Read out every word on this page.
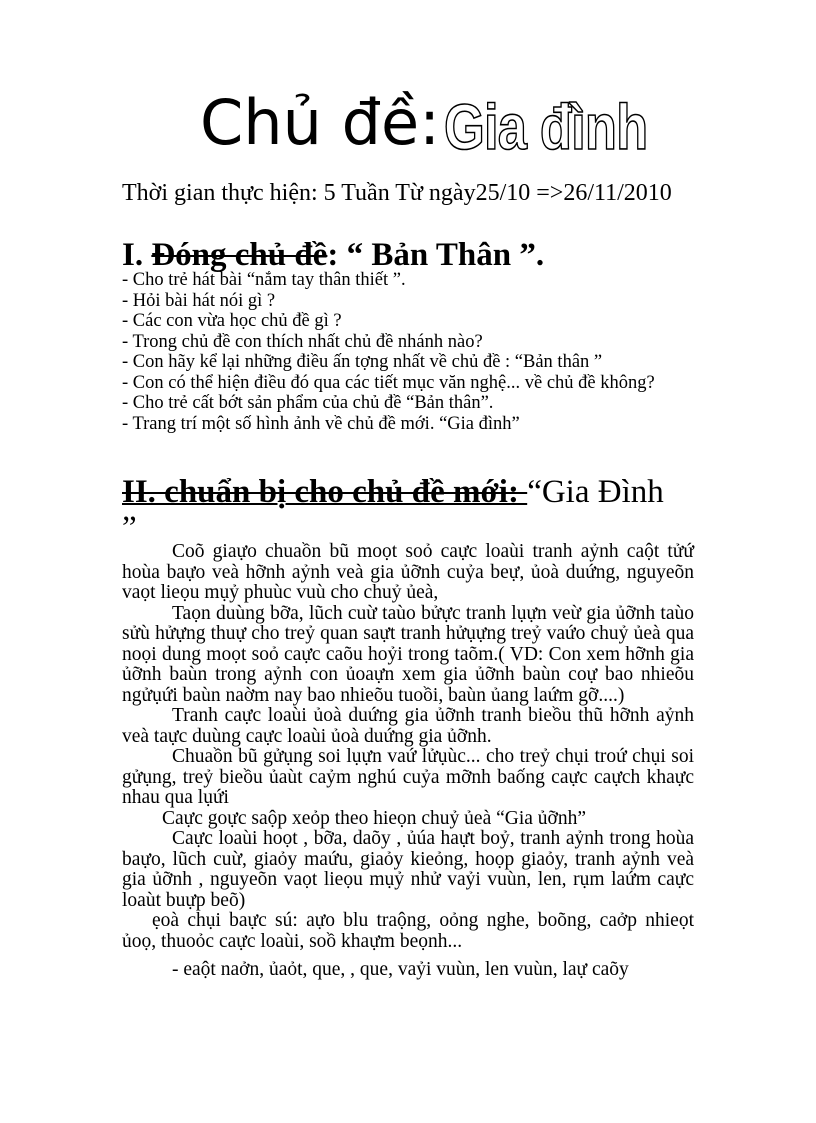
Chủ đề: Gia đình
Thời gian thực hiện: 5 Tuần Từ ngày25/10 =>26/11/2010
I. Đóng chủ đề: “ Bản Thân ”.

- Cho trẻ hát bài “nắm tay thân thiết ”.

- Hỏi bài hát nói gì ?

- Các con vừa học chủ đề gì ?

- Trong chủ đề con thích nhất chủ đề nhánh nào?

- Con hãy kể lại những điều ấn tợng nhất về chủ đề : “Bản thân ”

- Con có thể hiện điều đó qua các tiết mục văn nghệ... về chủ đề không?

- Cho trẻ cất bớt sản phẩm của chủ đề “Bản thân”.

- Trang trí một số hình ảnh về chủ đề mới. “Gia đình”

II. chuẩn bị cho chủ đề mới: “Gia Đình ”

Coõ giaựo chuaồn bũ moọt soỏ caực loaùi tranh aỷnh caột tửứ hoùa baựo veà hỡnh aỷnh veà gia ủỡnh cuỷa beự, ủoà duứng, nguyeõn vaọt lieọu mụỷ phuùc vuù cho chuỷ ủeà,

Taọn duùng bỡa, lũch cuừ taùo bửực tranh lụựn veừ gia ủỡnh taùo sửù hửựng thuự cho treỷ quan saựt tranh hửụựng treỷ vaứo chuỷ ủeà qua noọi dung moọt soỏ caực caõu hoỷi trong taõm.( VD: Con xem hỡnh gia ủỡnh baùn trong aỷnh con ủoaựn xem gia ủỡnh baùn coự bao nhieõu ngửụứi baùn naờm nay bao nhieõu tuoồi, baùn ủang laứm gỡ....)

Tranh caực loaùi ủoà duứng gia ủỡnh tranh bieồu thũ hỡnh aỷnh veà taực duùng caực loaùi ủoà duứng gia ủỡnh.

Chuaồn bũ gửụng soi lụựn vaứ lửụùc... cho treỷ chụi troứ chụi soi gửụng, treỷ bieồu ủaùt caỷm nghú cuỷa mỡnh baống caực caựch khaực nhau qua lụứi

Caực goực saộp xeỏp theo hieọn chuỷ ủeà “Gia ủỡnh”

Caực loaùi hoọt , bỡa, daõy , ủúa haựt boỷ, tranh aỷnh trong hoùa baựo, lũch cuừ, giaỏy maứu, giaỏy kieỏng, hoọp giaỏy, tranh aỷnh veà gia ủỡnh , nguyeõn vaọt lieọu mụỷ nhử vaỷi vuùn, len, rụm laứm caực loaùt buựp beõ)

ẹoà chụi baực sú: aựo blu traộng, oỏng nghe, boõng, caởp nhieọt ủoọ, thuoỏc caực loaùi, soồ khaựm beọnh...

- eaột naởn, ủaỏt, que, , que, vaỷi vuùn, len vuùn, laự caõy
